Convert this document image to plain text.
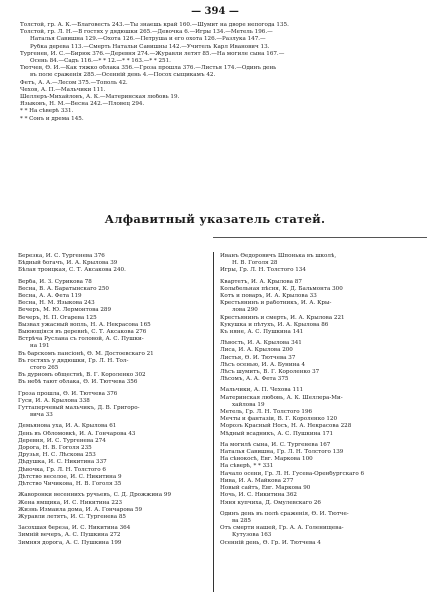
— 394 —
Толстой, гр. А. К.—Благовесть 243.—Ты знаешь край 160.—Шумит на дворе непогода 135.
Толстой, гр. Л. Н.—В гостях у дядюшки 265.—Девочка 6.—Игры 134.—Метель 196.—
Наталья Савишна 129.—Охота 126.—Петруша и его охота 126.—Разлука 147.—
Рубка дерева 113.—Смерть Натальи Савишны 142.—Учитель Карл Иванович 13.
Тургенев, И. С.—Бирюк 376.—Деревня 274.—Журавли летят 85.—На могиле сына 167.—
Осень 84.—Садъ 116.—* * 12.—* * 163.—* * 251.
Тютчев, Ѳ. И.—Как тяжко облака 356.—Гроза прошла 376.—Листья 174.—Одинъ день
въ поле сраженія 285.—Осенній день 4.—Посох сыщикамъ 42.
Фетъ, А. А.—Лесом 375.—Тополь 42.
Чехов, А. П.—Мальчики 111.
Шеллеръ-Михайловъ, А. К.—Материнская любовь 19.
Языковъ, Н. М.—Весна 242.—Пловец 294.
* * На сѣверѣ 331.
* * Сонъ и дрема 145.
Алфавитный указатель статей.
Березка, И. С. Тургенева 376
Бѣдный богачъ, И. А. Крылова 39
Бѣлая троицкая, С. Т. Аксакова 240.
Верба, И. З. Сурикова 78
Весна, В. А. Баратынскаго 250
Весна, А. А. Фета 119
Весна, Н. М. Языкова 243
Вечеръ, М. Ю. Лермонтова 289
Вечеръ, Н. П. Огарева 125
Вызвал ужасный вопль, Н. А. Некрасова 165
Выюющіяся въ деревнѣ, С. Т. Аксакова 276
Встрѣча Руслана съ головой, А. С. Пушки-
на 191
Въ барскомъ пансіонѣ, Ѳ. М. Достоевскаго 21
Въ гостяхъ у дядюшки, Гр. Л. Н. Тол-
стого 265
Въ дурномъ обществѣ, В. Г. Короленко 302
Въ небѣ тают облака, Ѳ. И. Тютчева 356
Гроза прошла, Ѳ. И. Тютчева 376
Гуси, И. А. Крылова 338
Гуттаперчевый мальчикъ, Д. В. Григоро-
вича 33
Демьянова уха, И. А. Крылова 61
День въ Обломовкѣ, И. А. Гончарова 43
Деревня, И. С. Тургенева 274
Дорога, Н. В. Гоголя 235
Друзья, Н. С. Лѣскова 253
Дѣдушка, И. С. Никитина 337
Дѣвочка, Гр. Л. Н. Толстого 6
Дѣтство веселое, И. С. Никитина 9
Дѣтство Чичикова, Н. В. Гоголя 35
Жаворонки весеннихъ ручьевъ, С. Д. Дрожжина 99
Жена ямщика, И. С. Никитина 223
Жизнь Измаила дома, И. А. Гончарова 59
Журавли летятъ, И. С. Тургенева 85
Засохшая береза, И. С. Никитина 364
Зимній вечеръ, А. С. Пушкина 272
Зимняя дорога, А. С. Пушкина 199
Иванъ Ѳедоровичъ Шпонька въ школѣ,
Н. В. Гоголя 28
Игры, Гр. Л. Н. Толстого 134
Квартетъ, И. А. Крылова 87
Колыбельная пѣсня, К. Д. Бальмонта 300
Котъ и поваръ, И. А. Крылова 33
Крестьянинъ и работникъ, И. А. Кры-
лова 290
Крестьянинъ и смерть, И. А. Крылова 221
Кукушка и пѣтухъ, И. А. Крылова 86
Къ няне, А. С. Пушкина 141
Лѣвость, И. А. Крылова 341
Лиса, И. А. Крылова 200
Листья, Ѳ. И. Тютчева 37
Лѣсъ осенью, И. А. Бунина 4
Лѣсъ шумитъ, В. Г. Короленко 37
Лѣсомъ, А. А. Фета 375
Мальчики, А. П. Чехова 111
Материнская любовь, А. К. Шеллера-Ми-
хайлова 19
Метель, Гр. Л. Н. Толстого 196
Мечты и фантазіи, В. Г. Короленко 120
Морозъ Красный Носъ, Н. А. Некрасова 228
Мѣдный всадникъ, А. С. Пушкина 171
На могилѣ сына, И. С. Тургенева 167
Наталья Савишна, Гр. Л. Н. Толстого 139
На сѣнокосѣ, Евг. Маркова 100
На сѣверѣ, * * 331
Начало осени, Гр. Л. Н. Гусева-Оренбургскаго 6
Нива, И. А. Майкова 277
Новый сайтъ, Евг. Маркова 90
Ночь, И. С. Никитина 362
Няня купчиха, Д. Омулевскаго 26
Одинъ день въ полѣ сраженія, Ѳ. И. Тютче-
ва 285
Отъ смерти нашей, Гр. А. А. Голенищева-
Кутузова 163
Осенній день, Ѳ. Гр. И. Тютчева 4
